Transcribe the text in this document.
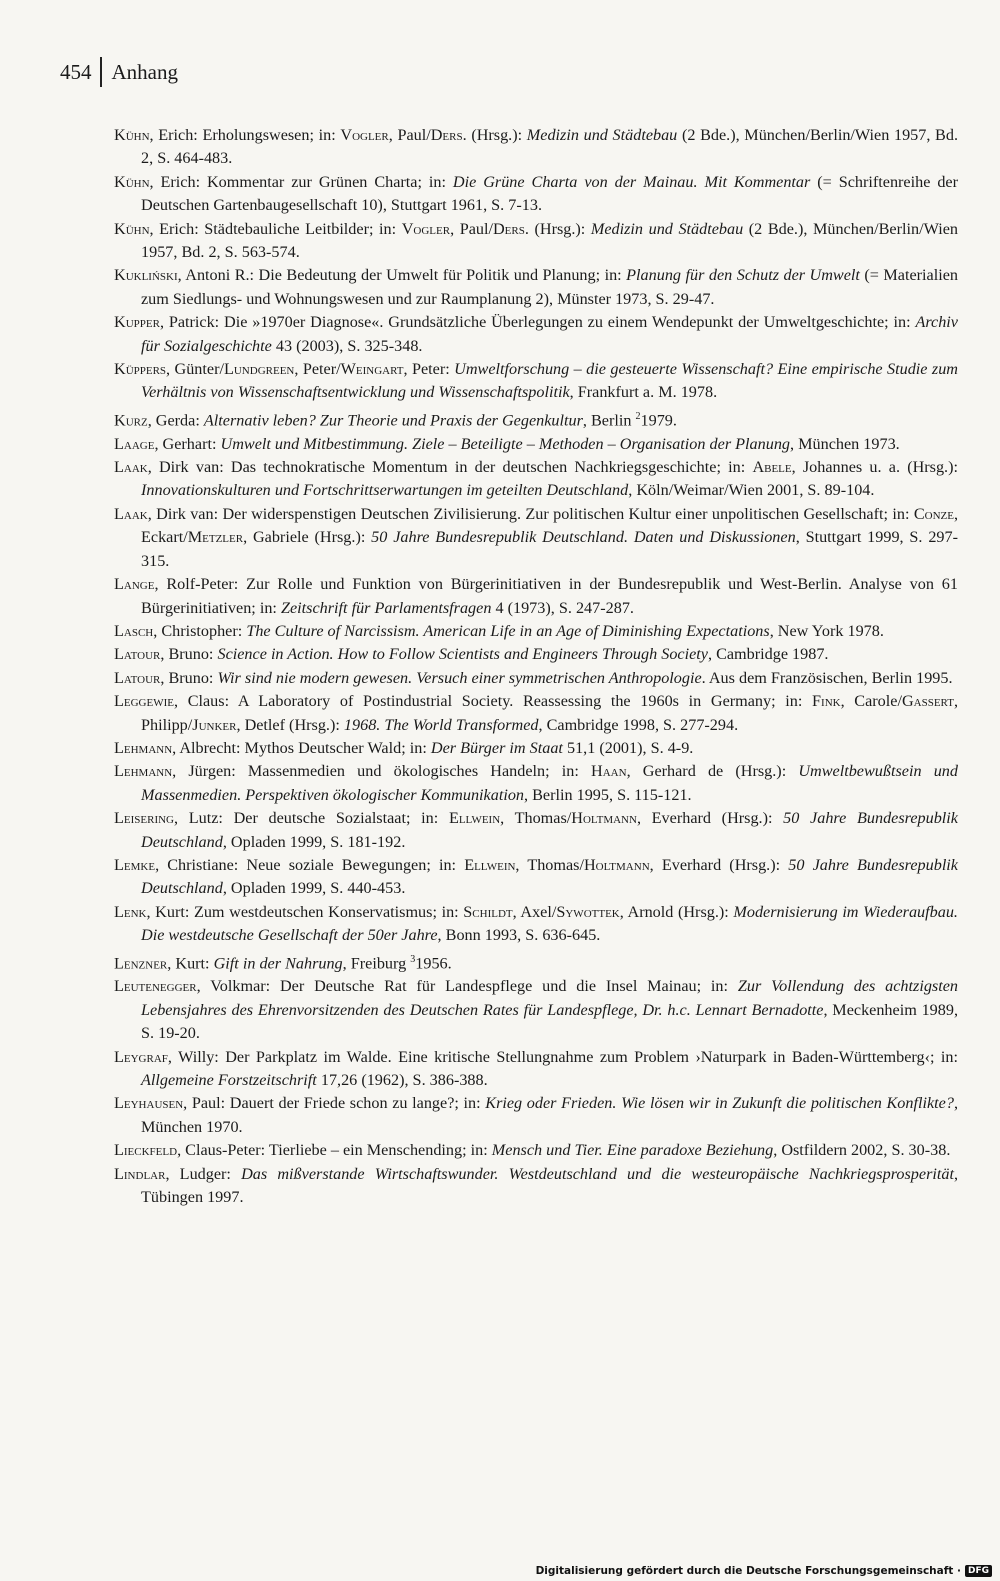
454 Anhang

Kühn, Erich: Erholungswesen; in: Vogler, Paul/Ders. (Hrsg.): Medizin und Städtebau (2 Bde.), München/Berlin/Wien 1957, Bd. 2, S. 464-483.

Kühn, Erich: Kommentar zur Grünen Charta; in: Die Grüne Charta von der Mainau. Mit Kommentar (= Schriftenreihe der Deutschen Gartenbaugesellschaft 10), Stuttgart 1961, S. 7-13.

Kühn, Erich: Städtebauliche Leitbilder; in: Vogler, Paul/Ders. (Hrsg.): Medizin und Städtebau (2 Bde.), München/Berlin/Wien 1957, Bd. 2, S. 563-574.

Kukliński, Antoni R.: Die Bedeutung der Umwelt für Politik und Planung; in: Planung für den Schutz der Umwelt (= Materialien zum Siedlungs- und Wohnungswesen und zur Raumplanung 2), Münster 1973, S. 29-47.

Kupper, Patrick: Die »1970er Diagnose«. Grundsätzliche Überlegungen zu einem Wendepunkt der Umweltgeschichte; in: Archiv für Sozialgeschichte 43 (2003), S. 325-348.

Küppers, Günter/Lundgreen, Peter/Weingart, Peter: Umweltforschung – die gesteuerte Wissenschaft? Eine empirische Studie zum Verhältnis von Wissenschaftsentwicklung und Wissenschaftspolitik, Frankfurt a. M. 1978.

Kurz, Gerda: Alternativ leben? Zur Theorie und Praxis der Gegenkultur, Berlin $^2$1979.

Laage, Gerhart: Umwelt und Mitbestimmung. Ziele – Beteiligte – Methoden – Organisation der Planung, München 1973.

Laak, Dirk van: Das technokratische Momentum in der deutschen Nachkriegsgeschichte; in: Abele, Johannes u. a. (Hrsg.): Innovationskulturen und Fortschrittserwartungen im geteilten Deutschland, Köln/Weimar/Wien 2001, S. 89-104.

Laak, Dirk van: Der widerspenstigen Deutschen Zivilisierung. Zur politischen Kultur einer unpolitischen Gesellschaft; in: Conze, Eckart/Metzler, Gabriele (Hrsg.): 50 Jahre Bundesrepublik Deutschland. Daten und Diskussionen, Stuttgart 1999, S. 297-315.

Lange, Rolf-Peter: Zur Rolle und Funktion von Bürgerinitiativen in der Bundesrepublik und West-Berlin. Analyse von 61 Bürgerinitiativen; in: Zeitschrift für Parlamentsfragen 4 (1973), S. 247-287.

Lasch, Christopher: The Culture of Narcissism. American Life in an Age of Diminishing Expectations, New York 1978.

Latour, Bruno: Science in Action. How to Follow Scientists and Engineers Through Society, Cambridge 1987.

Latour, Bruno: Wir sind nie modern gewesen. Versuch einer symmetrischen Anthropologie. Aus dem Französischen, Berlin 1995.

Leggewie, Claus: A Laboratory of Postindustrial Society. Reassessing the 1960s in Germany; in: Fink, Carole/Gassert, Philipp/Junker, Detlef (Hrsg.): 1968. The World Transformed, Cambridge 1998, S. 277-294.

Lehmann, Albrecht: Mythos Deutscher Wald; in: Der Bürger im Staat 51,1 (2001), S. 4-9.

Lehmann, Jürgen: Massenmedien und ökologisches Handeln; in: Haan, Gerhard de (Hrsg.): Umweltbewußtsein und Massenmedien. Perspektiven ökologischer Kommunikation, Berlin 1995, S. 115-121.

Leisering, Lutz: Der deutsche Sozialstaat; in: Ellwein, Thomas/Holtmann, Everhard (Hrsg.): 50 Jahre Bundesrepublik Deutschland, Opladen 1999, S. 181-192.

Lemke, Christiane: Neue soziale Bewegungen; in: Ellwein, Thomas/Holtmann, Everhard (Hrsg.): 50 Jahre Bundesrepublik Deutschland, Opladen 1999, S. 440-453.

Lenk, Kurt: Zum westdeutschen Konservatismus; in: Schildt, Axel/Sywottek, Arnold (Hrsg.): Modernisierung im Wiederaufbau. Die westdeutsche Gesellschaft der 50er Jahre, Bonn 1993, S. 636-645.

Lenzner, Kurt: Gift in der Nahrung, Freiburg $^3$1956.

Leutenegger, Volkmar: Der Deutsche Rat für Landespflege und die Insel Mainau; in: Zur Vollendung des achtzigsten Lebensjahres des Ehrenvorsitzenden des Deutschen Rates für Landespflege, Dr. h.c. Lennart Bernadotte, Meckenheim 1989, S. 19-20.

Leygraf, Willy: Der Parkplatz im Walde. Eine kritische Stellungnahme zum Problem ›Naturpark in Baden-Württemberg‹; in: Allgemeine Forstzeitschrift 17,26 (1962), S. 386-388.

Leyhausen, Paul: Dauert der Friede schon zu lange?; in: Krieg oder Frieden. Wie lösen wir in Zukunft die politischen Konflikte?, München 1970.

Lieckfeld, Claus-Peter: Tierliebe – ein Menschending; in: Mensch und Tier. Eine paradoxe Beziehung, Ostfildern 2002, S. 30-38.

Lindlar, Ludger: Das mißverstande Wirtschaftswunder. Westdeutschland und die westeuropäische Nachkriegsprosperität, Tübingen 1997.

Digitalisierung gefördert durch die Deutsche Forschungsgemeinschaft · DFG
